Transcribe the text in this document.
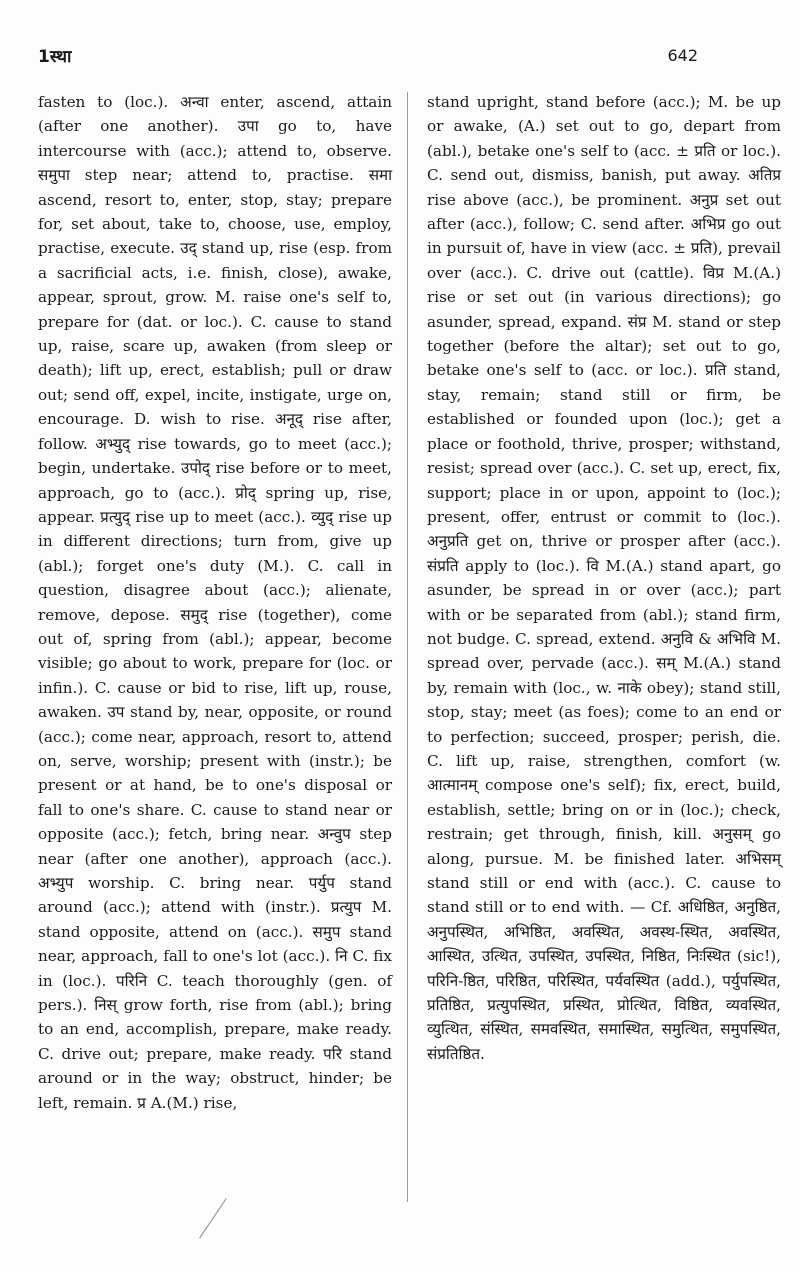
1स्था	642
fasten to (loc.). अन्वा enter, ascend, attain (after one another). उपा go to, have intercourse with (acc.); attend to, observe. समुपा step near; attend to, practise. समा ascend, resort to, enter, stop, stay; prepare for, set about, take to, choose, use, employ, practise, execute. उद् stand up, rise (esp. from a sacrificial acts, i.e. finish, close), awake, appear, sprout, grow. M. raise one's self to, prepare for (dat. or loc.). C. cause to stand up, raise, scare up, awaken (from sleep or death); lift up, erect, establish; pull or draw out; send off, expel, incite, instigate, urge on, encourage. D. wish to rise. अनूद् rise after, follow. अभ्युद् rise towards, go to meet (acc.); begin, undertake. उपोद् rise before or to meet, approach, go to (acc.). प्रोद् spring up, rise, appear. प्रत्युद् rise up to meet (acc.). व्युद् rise up in different directions; turn from, give up (abl.); forget one's duty (M.). C. call in question, disagree about (acc.); alienate, remove, depose. समुद् rise (together), come out of, spring from (abl.); appear, become visible; go about to work, prepare for (loc. or infin.). C. cause or bid to rise, lift up, rouse, awaken. उप stand by, near, opposite, or round (acc.); come near, approach, resort to, attend on, serve, worship; present with (instr.); be present or at hand, be to one's disposal or fall to one's share. C. cause to stand near or opposite (acc.); fetch, bring near. अन्वुप step near (after one another), approach (acc.). अभ्युप worship. C. bring near. पर्युप stand around (acc.); attend with (instr.). प्रत्युप M. stand opposite, attend on (acc.). समुप stand near, approach, fall to one's lot (acc.). नि C. fix in (loc.). परिनि C. teach thoroughly (gen. of pers.). निस् grow forth, rise from (abl.); bring to an end, accomplish, prepare, make ready. C. drive out; prepare, make ready. परि stand around or in the way; obstruct, hinder; be left, remain. प्र A.(M.) rise,
stand upright, stand before (acc.); M. be up or awake, (A.) set out to go, depart from (abl.), betake one's self to (acc. ± प्रति or loc.). C. send out, dismiss, banish, put away. अतिप्र rise above (acc.), be prominent. अनुप्र set out after (acc.), follow; C. send after. अभिप्र go out in pursuit of, have in view (acc. ± प्रति), prevail over (acc.). C. drive out (cattle). विप्र M.(A.) rise or set out (in various directions); go asunder, spread, expand. संप्र M. stand or step together (before the altar); set out to go, betake one's self to (acc. or loc.). प्रति stand, stay, remain; stand still or firm, be established or founded upon (loc.); get a place or foothold, thrive, prosper; withstand, resist; spread over (acc.). C. set up, erect, fix, support; place in or upon, appoint to (loc.); present, offer, entrust or commit to (loc.). अनुप्रति get on, thrive or prosper after (acc.). संप्रति apply to (loc.). वि M.(A.) stand apart, go asunder, be spread in or over (acc.); part with or be separated from (abl.); stand firm, not budge. C. spread, extend. अनुवि & अभिवि M. spread over, pervade (acc.). सम् M.(A.) stand by, remain with (loc., w. नाके obey); stand still, stop, stay; meet (as foes); come to an end or to perfection; succeed, prosper; perish, die. C. lift up, raise, strengthen, comfort (w. आत्मानम् compose one's self); fix, erect, build, establish, settle; bring on or in (loc.); check, restrain; get through, finish, kill. अनुसम् go along, pursue. M. be finished later. अभिसम् stand still or end with (acc.). C. cause to stand still or to end with. — Cf. अधिष्ठित, अनुष्ठित, अनुपस्थित, अभिष्ठित, अवस्थित, अवस्थ-स्थित, अवस्थित, आस्थित, उत्थित, उपस्थित, उपस्थित, निष्ठित, निःस्थित (sic!), परिनि-ष्ठित, परिष्ठित, परिस्थित, पर्यवस्थित (add.), पर्युपस्थित, प्रतिष्ठित, प्रत्युपस्थित, प्रस्थित, प्रोत्थित, विष्ठित, व्यवस्थित, व्युत्थित, संस्थित, समवस्थित, समास्थित, समुत्थित, समुपस्थित, संप्रतिष्ठित.
